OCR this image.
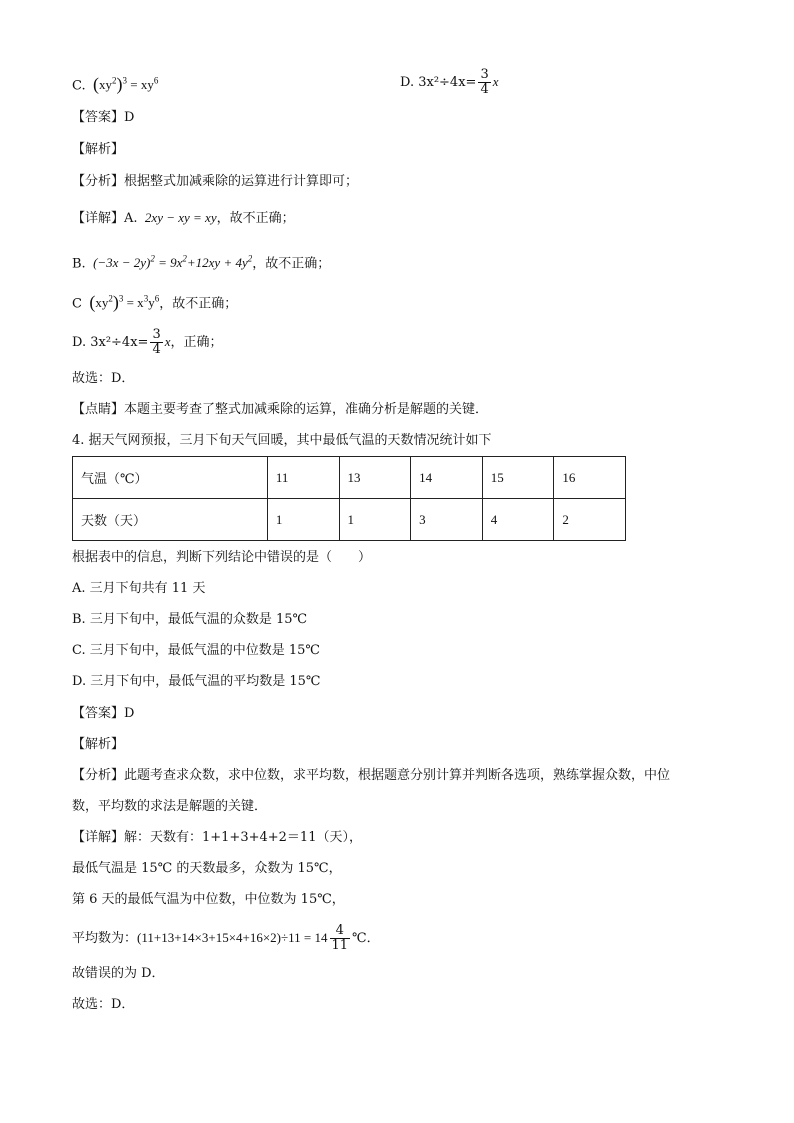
C. $(xy^2)^3 = xy^6$	D. $3x^2\div 4x= \frac{3}{4}$ x
【答案】D
【解析】
【分析】根据整式加减乘除的运算进行计算即可；
【详解】A.  2xy − xy = xy，故不正确；
B.  $(-3x - 2y)^2 = 9x^2+12xy + 4y^2$，故不正确；
C $(xy^2)^3 = x^3y^6$，故不正确；
D. $3x^2\div 4x= \frac{3}{4}$ x，正确；
故选：D．
【点睛】本题主要考查了整式加减乘除的运算，准确分析是解题的关键．
4. 据天气网预报，三月下旬天气回暖，其中最低气温的天数情况统计如下
气温（℃）	11	13	14	15	16
天数（天）	1	1	3	4	2
根据表中的信息，判断下列结论中错误的是（　　）
A. 三月下旬共有 11 天
B. 三月下旬中，最低气温的众数是 15℃
C. 三月下旬中，最低气温的中位数是 15℃
D. 三月下旬中，最低气温的平均数是 15℃
【答案】D
【解析】
【分析】此题考查求众数，求中位数，求平均数，根据题意分别计算并判断各选项，熟练掌握众数，中位
数，平均数的求法是解题的关键．
【详解】解：天数有：1+1+3+4+2＝11（天），
最低气温是 15℃ 的天数最多，众数为 15℃，
第 6 天的最低气温为中位数，中位数为 15℃，
平均数为：$(11+13+14\times 3+15\times 4+16\times 2)\div 11 = 14 \frac{4}{11}$ ℃．
故错误的为 D．
故选：D．
